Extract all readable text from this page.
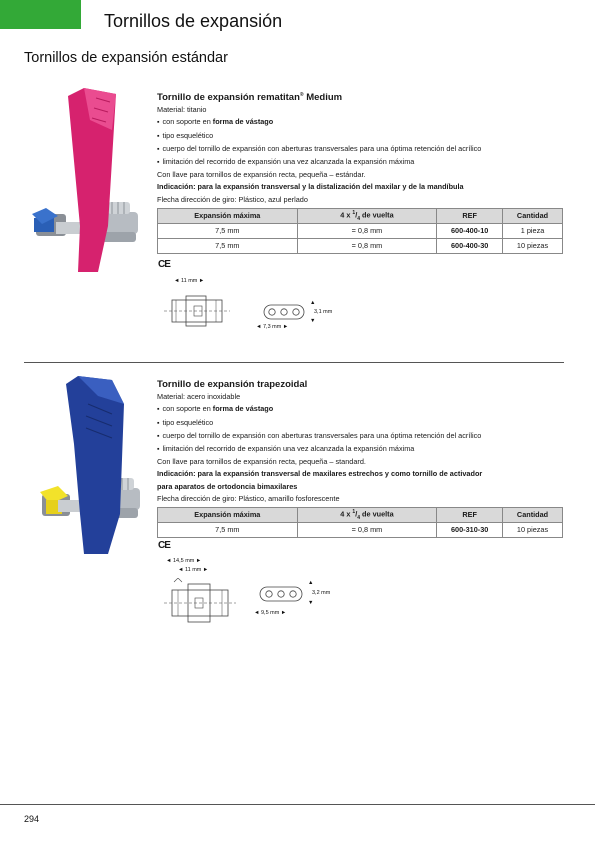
Tornillos de expansión
Tornillos de expansión estándar
Tornillo de expansión rematitan® Medium
Material: titanio
▪ con soporte en forma de vástago
▪ tipo esquelético
▪ cuerpo del tornillo de expansión con aberturas transversales para una óptima retención del acrílico
▪ limitación del recorrido de expansión una vez alcanzada la expansión máxima
Con llave para tornillos de expansión recta, pequeña – estándar.
Indicación: para la expansión transversal y la distalización del maxilar y de la mandíbula
Flecha dirección de giro: Plástico, azul perlado
Expansión máxima	4 x $^1/_4$ de vuelta	REF	Cantidad
7,5 mm	= 0,8 mm	600-400-10	1 pieza
7,5 mm	= 0,8 mm	600-400-30	10 piezas
CE
◄ 11 mm ►
▲
3,1 mm
▼
◄ 7,3 mm ►
Tornillo de expansión trapezoidal
Material: acero inoxidable
▪ con soporte en forma de vástago
▪ tipo esquelético
▪ cuerpo del tornillo de expansión con aberturas transversales para una óptima retención del acrílico
▪ limitación del recorrido de expansión una vez alcanzada la expansión máxima
Con llave para tornillos de expansión recta, pequeña – standard.
Indicación: para la expansión transversal de maxilares estrechos y como tornillo de activador
para aparatos de ortodoncia bimaxilares
Flecha dirección de giro: Plástico, amarillo fosforescente
Expansión máxima	4 x $^1/_4$ de vuelta	REF	Cantidad
7,5 mm	= 0,8 mm	600-310-30	10 piezas
CE
◄ 14,5 mm ►
◄ 11 mm ►
▲
3,2 mm
▼
◄ 9,5 mm ►
294
